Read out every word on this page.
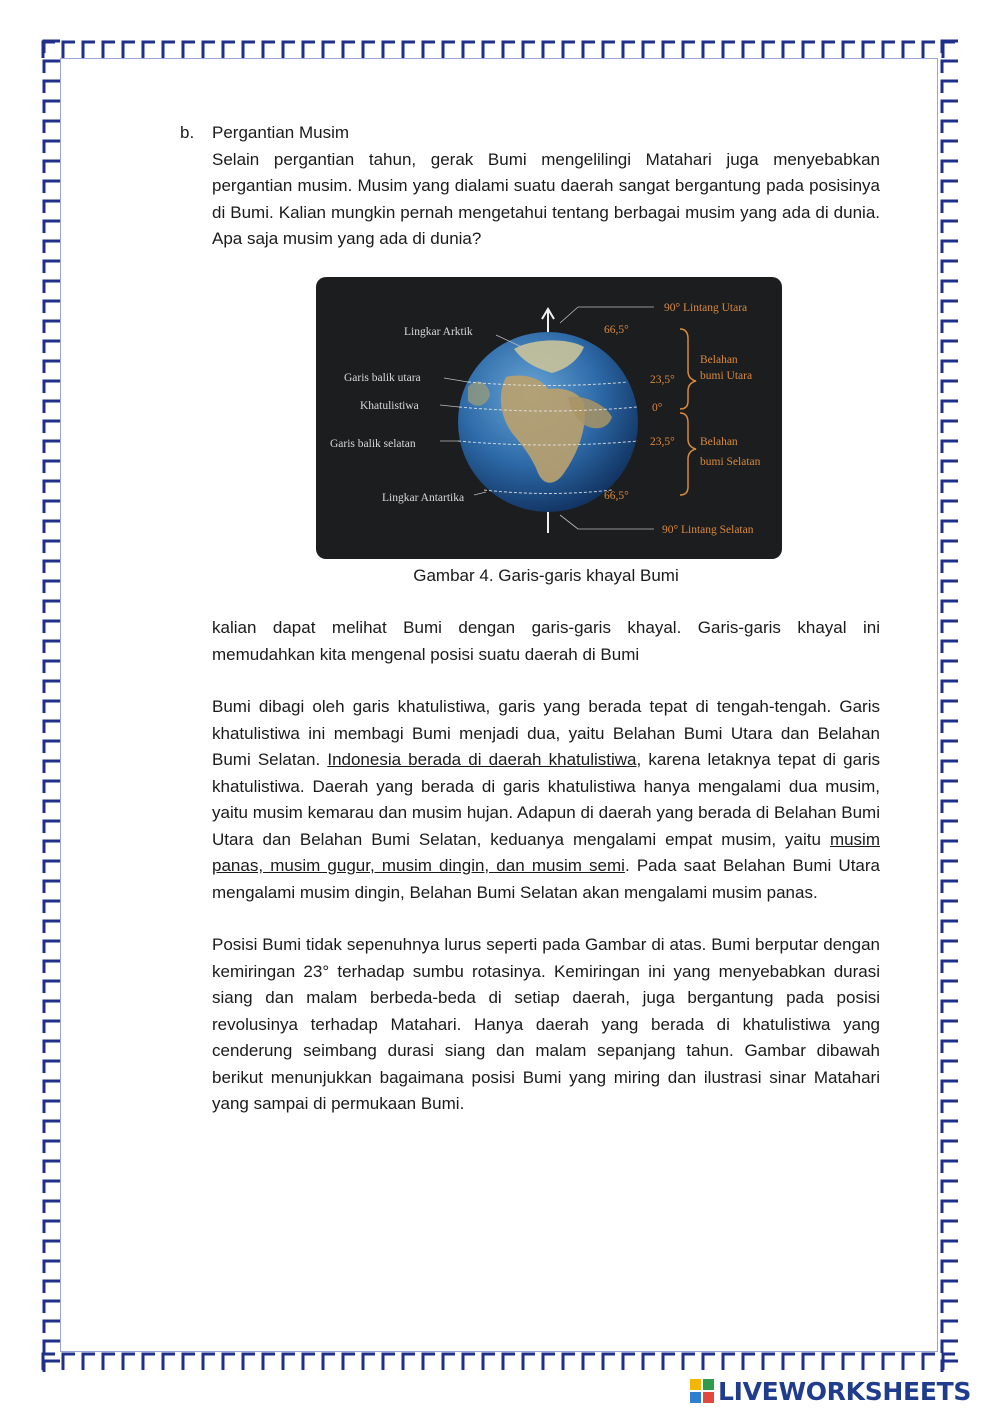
b.	Pergantian Musim
Selain pergantian tahun, gerak Bumi mengelilingi Matahari juga menyebabkan pergantian musim. Musim yang dialami suatu daerah sangat bergantung pada posisinya di Bumi. Kalian mungkin pernah mengetahui tentang berbagai musim yang ada di dunia. Apa saja musim yang ada di dunia?
Lingkar Arktik
Garis balik utara
Khatulistiwa
Garis balik selatan
Lingkar Antartika
66,5°
23,5°
0°
23,5°
66,5°
90° Lintang Utara
Belahan
bumi Utara
Belahan
bumi Selatan
90° Lintang Selatan
Gambar 4. Garis-garis khayal Bumi
kalian dapat melihat Bumi dengan garis-garis khayal. Garis-garis khayal ini memudahkan kita mengenal posisi suatu daerah di Bumi
Bumi dibagi oleh garis khatulistiwa, garis yang berada tepat di tengah-tengah. Garis khatulistiwa ini membagi Bumi menjadi dua, yaitu Belahan Bumi Utara dan Belahan Bumi Selatan. Indonesia berada di daerah khatulistiwa, karena letaknya tepat di garis khatulistiwa. Daerah yang berada di garis khatulistiwa hanya mengalami dua musim, yaitu musim kemarau dan musim hujan. Adapun di daerah yang berada di Belahan Bumi Utara dan Belahan Bumi Selatan, keduanya mengalami empat musim, yaitu musim panas, musim gugur, musim dingin, dan musim semi. Pada saat Belahan Bumi Utara mengalami musim dingin, Belahan Bumi Selatan akan mengalami musim panas.
Posisi Bumi tidak sepenuhnya lurus seperti pada Gambar di atas. Bumi berputar dengan kemiringan 23° terhadap sumbu rotasinya. Kemiringan ini yang menyebabkan durasi siang dan malam berbeda-beda di setiap daerah, juga bergantung pada posisi revolusinya terhadap Matahari. Hanya daerah yang berada di khatulistiwa yang cenderung seimbang durasi siang dan malam sepanjang tahun. Gambar dibawah berikut menunjukkan bagaimana posisi Bumi yang miring dan ilustrasi sinar Matahari yang sampai di permukaan Bumi.
LIVEWORKSHEETS
